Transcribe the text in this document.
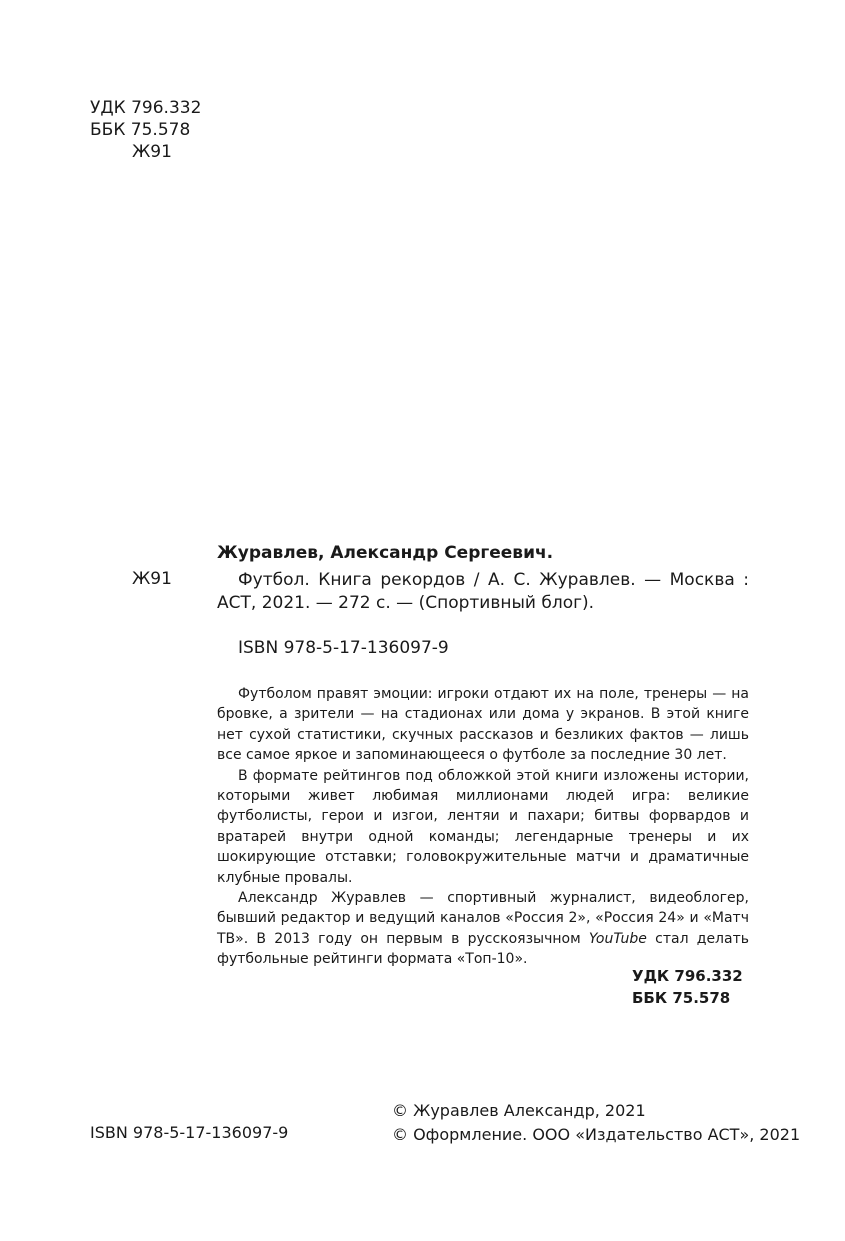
УДК 796.332
ББК 75.578
Ж91
Журавлев, Александр Сергеевич.
Ж91	Футбол. Книга рекордов / А. С. Журавлев. — Москва : АСТ, 2021. — 272 с. — (Спортивный блог).
ISBN 978-5-17-136097-9

Футболом правят эмоции: игроки отдают их на поле, тренеры — на бровке, а зрители — на стадионах или дома у экранов. В этой книге нет сухой статистики, скучных рассказов и безликих фактов — лишь все самое яркое и запоминающееся о футболе за последние 30 лет.

В формате рейтингов под обложкой этой книги изложены истории, которыми живет любимая миллионами людей игра: великие футболисты, герои и изгои, лентяи и пахари; битвы форвардов и вратарей внутри одной команды; легендарные тренеры и их шокирующие отставки; головокружительные матчи и драматичные клубные провалы.

Александр Журавлев — спортивный журналист, видеоблогер, бывший редактор и ведущий каналов «Россия 2», «Россия 24» и «Матч ТВ». В 2013 году он первым в русскоязычном YouTube стал делать футбольные рейтинги формата «Топ-10».

УДК 796.332
ББК 75.578
ISBN 978-5-17-136097-9
© Журавлев Александр, 2021
© Оформление. ООО «Издательство АСТ», 2021
